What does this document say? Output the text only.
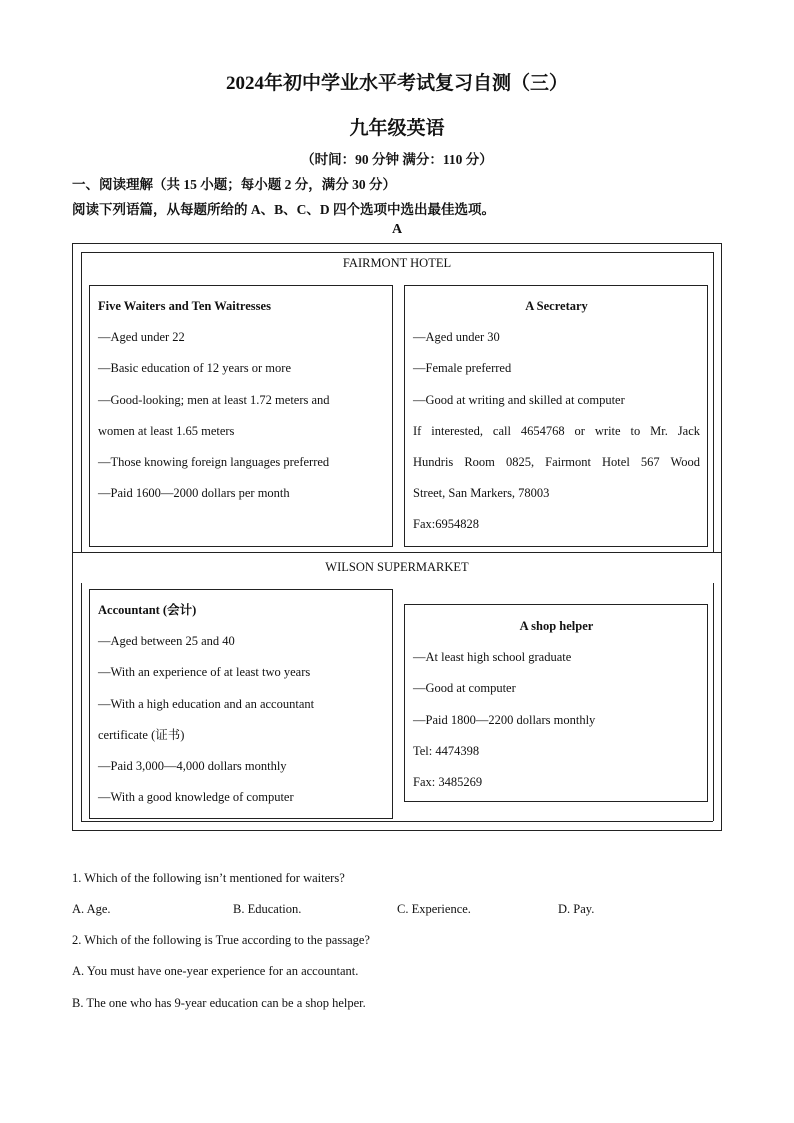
2024年初中学业水平考试复习自测（三）
九年级英语
（时间：90 分钟 满分：110 分）
一、阅读理解（共 15 小题；每小题 2 分，满分 30 分）
阅读下列语篇，从每题所给的 A、B、C、D 四个选项中选出最佳选项。
A
FAIRMONT HOTEL
Five Waiters and Ten Waitresses
—Aged under 22
—Basic education of 12 years or more
—Good-looking; men at least 1.72 meters and
women at least 1.65 meters
—Those knowing foreign languages preferred
—Paid 1600—2000 dollars per month
A Secretary
—Aged under 30
—Female preferred
—Good at writing and skilled at computer
If interested, call 4654768 or write to Mr. Jack
Hundris Room 0825, Fairmont Hotel 567 Wood
Street, San Markers, 78003
Fax:6954828
WILSON SUPERMARKET
Accountant (会计)
—Aged between 25 and 40
—With an experience of at least two years
—With a high education and an accountant
certificate (证书)
—Paid 3,000—4,000 dollars monthly
—With a good knowledge of computer
A shop helper
—At least high school graduate
—Good at computer
—Paid 1800—2200 dollars monthly
Tel: 4474398
Fax: 3485269
1. Which of the following isn’t mentioned for waiters?
A. Age.	B. Education.	C. Experience.	D. Pay.
2. Which of the following is True according to the passage?
A. You must have one-year experience for an accountant.
B. The one who has 9-year education can be a shop helper.
